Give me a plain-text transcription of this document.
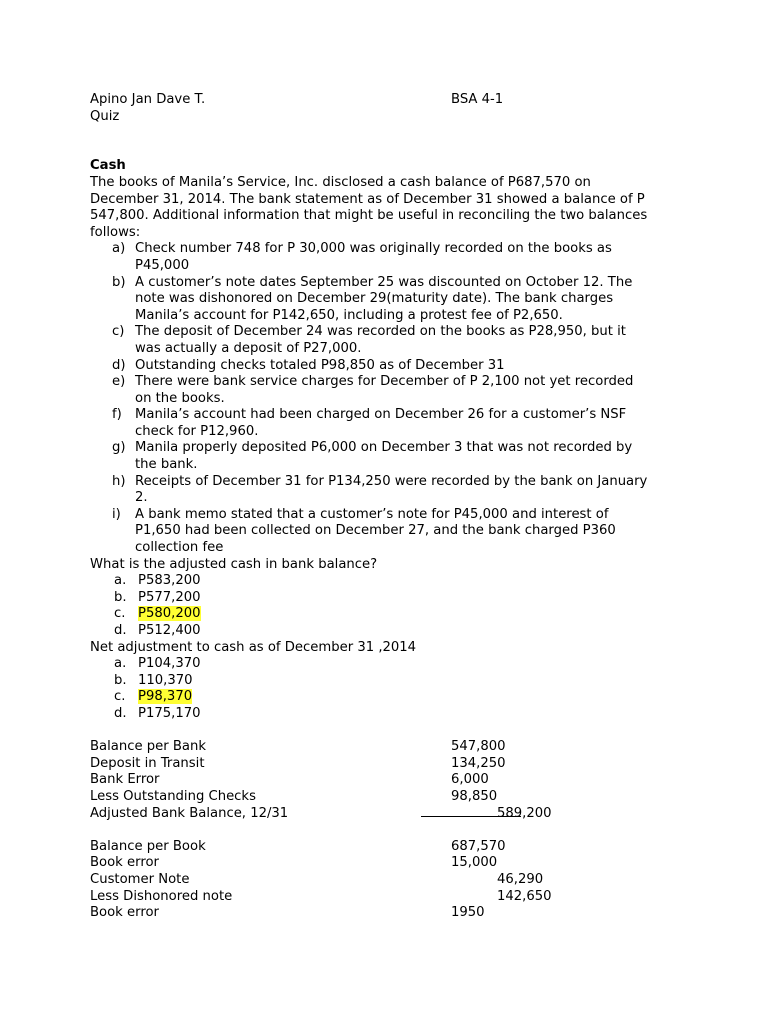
Apino Jan Dave T.	BSA 4-1
Quiz
Cash
The books of Manila’s Service, Inc. disclosed a cash balance of P687,570 on
December 31, 2014. The bank statement as of December 31 showed a balance of P
547,800. Additional information that might be useful in reconciling the two balances
follows:
a) Check number 748 for P 30,000 was originally recorded on the books as
P45,000
b) A customer’s note dates September 25 was discounted on October 12. The
note was dishonored on December 29(maturity date). The bank charges
Manila’s account for P142,650, including a protest fee of P2,650.
c) The deposit of December 24 was recorded on the books as P28,950, but it
was actually a deposit of P27,000.
d) Outstanding checks totaled P98,850 as of December 31
e) There were bank service charges for December of P 2,100 not yet recorded
on the books.
f) Manila’s account had been charged on December 26 for a customer’s NSF
check for P12,960.
g) Manila properly deposited P6,000 on December 3 that was not recorded by
the bank.
h) Receipts of December 31 for P134,250 were recorded by the bank on January
2.
i) A bank memo stated that a customer’s note for P45,000 and interest of
P1,650 had been collected on December 27, and the bank charged P360
collection fee
What is the adjusted cash in bank balance?
a. P583,200
b. P577,200
c. P580,200
d. P512,400
Net adjustment to cash as of December 31 ,2014
a. P104,370
b. 110,370
c. P98,370
d. P175,170
Balance per Bank	547,800
Deposit in Transit	134,250
Bank Error	6,000
Less Outstanding Checks	98,850
Adjusted Bank Balance, 12/31	589,200
Balance per Book	687,570
Book error	15,000
Customer Note	46,290
Less Dishonored note	142,650
Book error	1950
